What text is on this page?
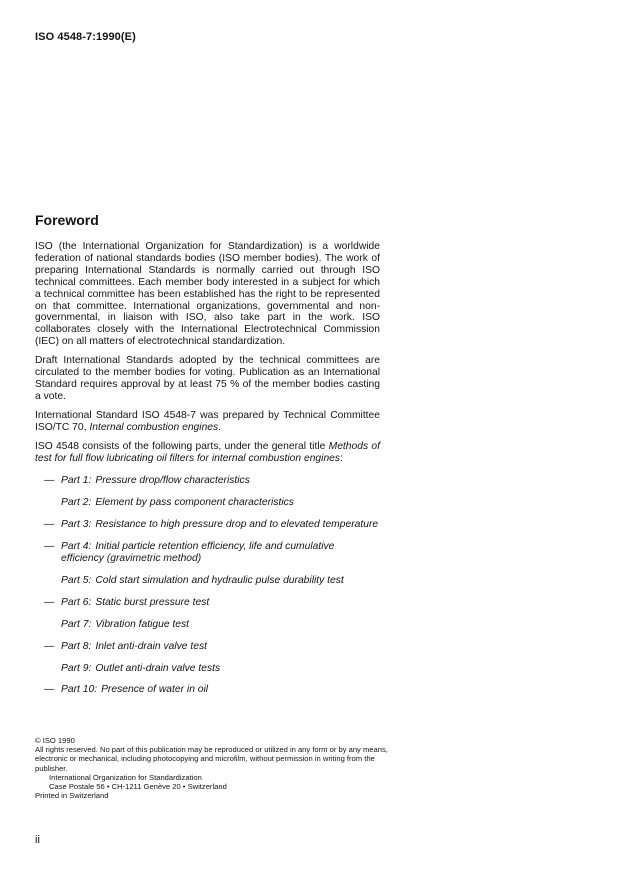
ISO 4548-7:1990(E)
Foreword

ISO (the International Organization for Standardization) is a worldwide federation of national standards bodies (ISO member bodies). The work of preparing International Standards is normally carried out through ISO technical committees. Each member body interested in a subject for which a technical committee has been established has the right to be represented on that committee. International organizations, governmental and non-governmental, in liaison with ISO, also take part in the work. ISO collaborates closely with the International Electrotechnical Commission (IEC) on all matters of electrotechnical standardization.

Draft International Standards adopted by the technical committees are circulated to the member bodies for voting. Publication as an International Standard requires approval by at least 75 % of the member bodies casting a vote.

International Standard ISO 4548-7 was prepared by Technical Committee ISO/TC 70, Internal combustion engines.

ISO 4548 consists of the following parts, under the general title Methods of test for full flow lubricating oil filters for internal combustion engines:

— Part 1: Pressure drop/flow characteristics
Part 2: Element by pass component characteristics
— Part 3: Resistance to high pressure drop and to elevated temperature
— Part 4: Initial particle retention efficiency, life and cumulative efficiency (gravimetric method)
Part 5: Cold start simulation and hydraulic pulse durability test
— Part 6: Static burst pressure test
Part 7: Vibration fatigue test
— Part 8: Inlet anti-drain valve test
Part 9: Outlet anti-drain valve tests
— Part 10: Presence of water in oil

© ISO 1990

All rights reserved. No part of this publication may be reproduced or utilized in any form or by any means, electronic or mechanical, including photocopying and microfilm, without permission in writing from the publisher.

International Organization for Standardization

Case Postale 56 • CH-1211 Genève 20 • Switzerland

Printed in Switzerland

ii
